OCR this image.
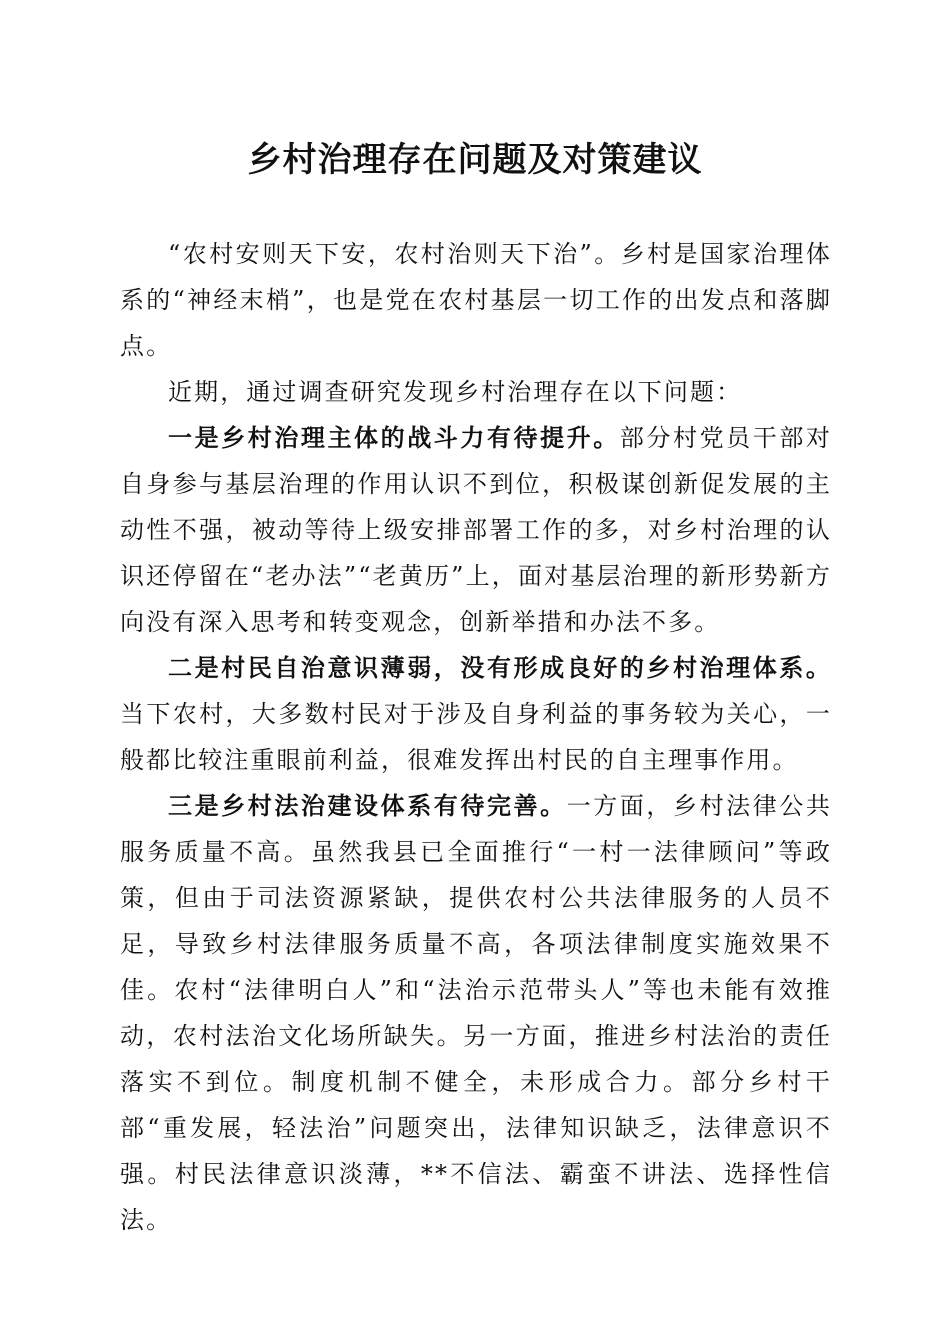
乡村治理存在问题及对策建议

“农村安则天下安，农村治则天下治”。乡村是国家治理体系的“神经末梢”，也是党在农村基层一切工作的出发点和落脚点。

近期，通过调查研究发现乡村治理存在以下问题：

一是乡村治理主体的战斗力有待提升。部分村党员干部对自身参与基层治理的作用认识不到位，积极谋创新促发展的主动性不强，被动等待上级安排部署工作的多，对乡村治理的认识还停留在“老办法”“老黄历”上，面对基层治理的新形势新方向没有深入思考和转变观念，创新举措和办法不多。

二是村民自治意识薄弱，没有形成良好的乡村治理体系。当下农村，大多数村民对于涉及自身利益的事务较为关心，一般都比较注重眼前利益，很难发挥出村民的自主理事作用。

三是乡村法治建设体系有待完善。一方面，乡村法律公共服务质量不高。虽然我县已全面推行“一村一法律顾问”等政策，但由于司法资源紧缺，提供农村公共法律服务的人员不足，导致乡村法律服务质量不高，各项法律制度实施效果不佳。农村“法律明白人”和“法治示范带头人”等也未能有效推动，农村法治文化场所缺失。另一方面，推进乡村法治的责任落实不到位。制度机制不健全，未形成合力。部分乡村干部“重发展，轻法治”问题突出，法律知识缺乏，法律意识不强。村民法律意识淡薄，**不信法、霸蛮不讲法、选择性信法。
